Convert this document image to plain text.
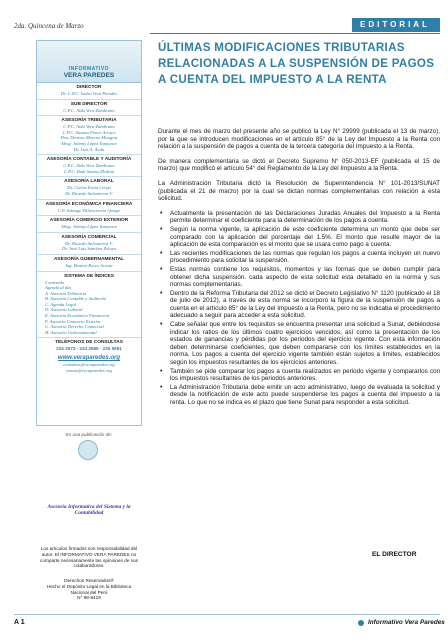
2da. Quincena de Marzo	EDITORIAL
INFORMATIVO
VERA PAREDES
DIRECTOR
Dr. C.P.C. Isidro Vera Paredes
SUB DIRECTOR
C.P.C. Aida Vera Zambrano
ASESORÍA TRIBUTARIA
C.P.C. Aida Vera Zambrano
C.P.C. Susana Ponce Arroyo
Dra. Denisse Moreno Mongrut
Abog. Johnny López Yanayaco
Dr. Luis A. Ávila
ASESORÍA CONTABLE Y AUDITORÍA
C.P.C. Aida Vera Zambrano
C.P.C. Raúl Santos Medina
ASESORÍA LABORAL
Dr. Carlos Ezeta Cerpa
Dr. Ricardo Salvatierra V.
ASESORÍA ECONÓMICA FINANCIERA
C.P. Solange Villavicencio Quispe
ASESORÍA COMERCIO EXTERIOR
Abog. Johnny López Yanayaco
ASESORÍA COMERCIAL
Dr. Ricardo Salvatierra V.
Dr. José Luis Sánchez Zelaya
ASESORÍA GUBERNAMENTAL
Ing. Beatriz Reyes Acosta
SISTEMA DE ÍNDICES
Contenido
Agenda al día
A. Asesoría Tributaria
B. Asesoría Contable y Auditoría
C. Agenda Legal
D. Asesoría Laboral
E. Asesoría Económico Financiera
F. Asesoría Comercio Exterior
G. Asesoría Derecho Comercial
H. Asesoría Gubernamental
TELÉFONOS DE CONSULTAS
224 2573 - 224 2595 - 225 5951
www.veraparedes.org
consultas@veraparedes.org
ventas@veraparedes.org
Es una publicación de:
Asesoría Informativa del Sistema y la Contabilidad
Los artículos firmados son responsabilidad del autor. El INFORMATIVO VERA PAREDES no comparte necesariamente las opiniones de sus colaboradores.
Derechos Reservados®
Hecho el Depósito Legal en la Biblioteca
Nacional del Perú
N° 98-8419
ÚLTIMAS MODIFICACIONES TRIBUTARIAS RELACIONADAS A LA SUSPENSIÓN DE PAGOS A CUENTA DEL IMPUESTO A LA RENTA

Durante el mes de marzo del presente año se publicó la Ley N° 29999 (publicada el 13 de marzo), por la que se introducen modificaciones en el artículo 85° de la Ley del Impuesto a la Renta con relación a la suspensión de pagos a cuenta de la tercera categoría del Impuesto a la Renta.

De manera complementaria se dictó el Decreto Supremo N° 050-2013-EF (publicada el 15 de marzo) que modificó el artículo 54° del Reglamento de la Ley del Impuesto a la Renta.

La Administración Tributaria dictó la Resolución de Superintendencia N° 101-2013/SUNAT (publicada el 21 de marzo) por la cual se dictan normas complementarias con relación a esta solicitud.

• Actualmente la presentación de las Declaraciones Juradas Anuales del Impuesto a la Renta permite determinar el coeficiente para la determinación de los pagos a cuenta.
• Según la norma vigente, la aplicación de este coeficiente determina un monto que debe ser comparado con la aplicación del porcentaje del 1.5%. El monto que resulte mayor de la aplicación de esta comparación es el monto que se usara como pago a cuenta.
• Las recientes modificaciones de las normas que regulan los pagos a cuenta incluyen un nuevo procedimiento para solicitar la suspensión.
• Estas normas contiene los requisitos, momentos y las formas que se deben cumplir para obtener dicha suspensión. cada aspecto de esta solicitud esta detallado en la norma y sus normas complementarias.
• Dentro de la Reforma Tributaria del 2012 se dictó el Decreto Legislativo N° 1120 (publicado el 18 de julio de 2012), a través de esta norma se incorporó la figura de la suspensión de pagos a cuenta en el artículo 85° de la Ley del Impuesto a la Renta, pero no se indicaba el procedimiento adecuado a seguir para acceder a esta solicitud.
• Cabe señalar que entre los requisitos se encuentra presentar una solicitud a Sunat, debiéndose indicar los ratios de los últimos cuatro ejercicios vencidos, así como la presentación de los estados de ganancias y pérdidas por los periodos del ejercicio vigente. Con esta información deben determinarse coeficientes, que deben compararse con los límites establecidos en la norma. Los pagos a cuenta del ejercicio vigente también están sujetos a límites, establecidos según los impuestos resultantes de los ejercicios anteriores.
• También se pide comparar los pagos a cuenta realizados en periodo vigente y compararlos con los impuestos resultantes de los periodos anteriores.
• La Administración Tributaria debe emitir un acto administrativo, luego de evaluada la solicitud y desde la notificación de este acto puede suspenderse los pagos a cuenta del impuesto a la renta. Lo que no se indica es el plazo que tiene Sunat para responder a esta solicitud.
EL DIRECTOR
A 1	Informativo Vera Paredes
